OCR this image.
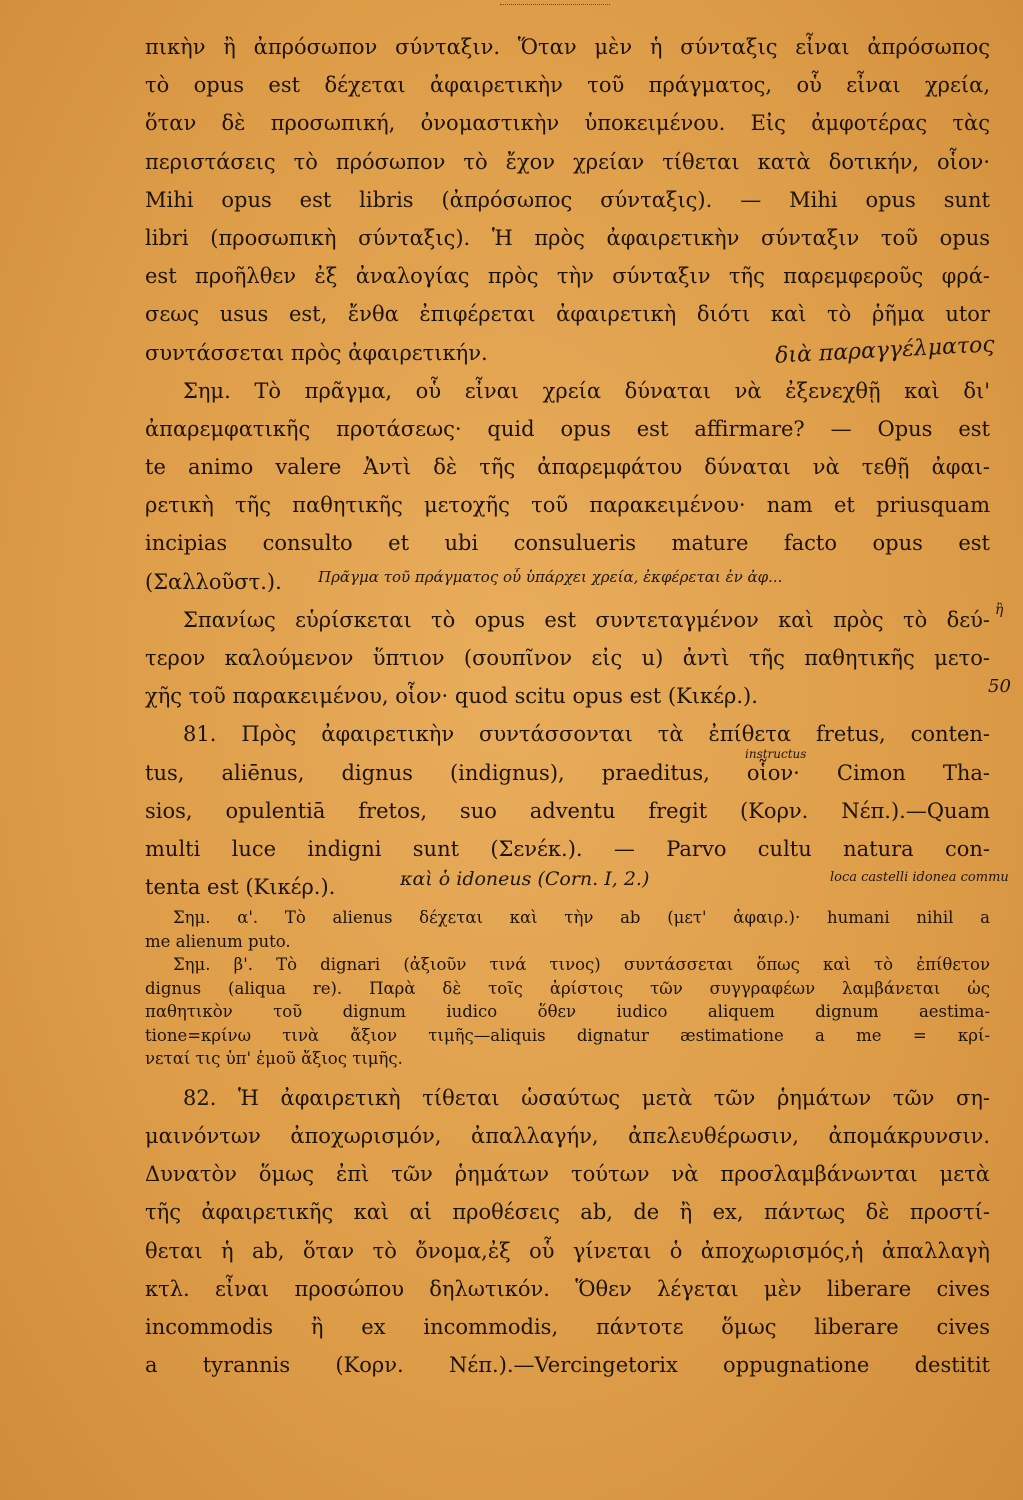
πικὴν ἢ ἀπρόσωπον σύνταξιν. Ὅταν μὲν ἡ σύνταξις εἶναι ἀπρόσωπος
τὸ opus est δέχεται ἀφαιρετικὴν τοῦ πράγματος, οὗ εἶναι χρεία,
ὅταν δὲ προσωπική, ὀνομαστικὴν ὑποκειμένου. Εἰς ἀμφοτέρας τὰς
περιστάσεις τὸ πρόσωπον τὸ ἔχον χρείαν τίθεται κατὰ δοτικήν, οἷον·
Mihi opus est libris (ἀπρόσωπος σύνταξις). — Mihi opus sunt
libri (προσωπικὴ σύνταξις). Ἡ πρὸς ἀφαιρετικὴν σύνταξιν τοῦ opus
est προῆλθεν ἐξ ἀναλογίας πρὸς τὴν σύνταξιν τῆς παρεμφεροῦς φρά-
σεως usus est, ἔνθα ἐπιφέρεται ἀφαιρετικὴ διότι καὶ τὸ ῥῆμα utor
συντάσσεται πρὸς ἀφαιρετικήν.
Σημ. Τὸ πρᾶγμα, οὗ εἶναι χρεία δύναται νὰ ἐξενεχθῇ καὶ δι'
ἀπαρεμφατικῆς προτάσεως· quid opus est affirmare? — Opus est
te animo valere Ἀντὶ δὲ τῆς ἀπαρεμφάτου δύναται νὰ τεθῇ ἀφαι-
ρετικὴ τῆς παθητικῆς μετοχῆς τοῦ παρακειμένου· nam et priusquam
incipias consulto et ubi consulueris mature facto opus est
(Σαλλοῦστ.).
Σπανίως εὑρίσκεται τὸ opus est συντεταγμένον καὶ πρὸς τὸ δεύ-
τερον καλούμενον ὕπτιον (σουπῖνον εἰς u) ἀντὶ τῆς παθητικῆς μετο-
χῆς τοῦ παρακειμένου, οἷον· quod scitu opus est (Κικέρ.).
81. Πρὸς ἀφαιρετικὴν συντάσσονται τὰ ἐπίθετα fretus, conten-
tus, aliēnus, dignus (indignus), praeditus, οἷον· Cimon Tha-
sios, opulentiā fretos, suo adventu fregit (Κορν. Νέπ.).—Quam
multi luce indigni sunt (Σενέκ.). — Parvo cultu natura con-
tenta est (Κικέρ.).
Σημ. α'. Τὸ alienus δέχεται καὶ τὴν ab (μετ' ἀφαιρ.)· humani nihil a
me alienum puto.
Σημ. β'. Τὸ dignari (ἀξιοῦν τινά τινος) συντάσσεται ὅπως καὶ τὸ ἐπίθετον
dignus (aliqua re). Παρὰ δὲ τοῖς ἀρίστοις τῶν συγγραφέων λαμβάνεται ὡς
παθητικὸν τοῦ dignum iudico ὅθεν iudico aliquem dignum aestima-
tione=κρίνω τινὰ ἄξιον τιμῆς—aliquis dignatur æstimatione a me = κρί-
νεταί τις ὑπ' ἐμοῦ ἄξιος τιμῆς.
82. Ἡ ἀφαιρετικὴ τίθεται ὡσαύτως μετὰ τῶν ῥημάτων τῶν ση-
μαινόντων ἀποχωρισμόν, ἀπαλλαγήν, ἀπελευθέρωσιν, ἀπομάκρυνσιν.
Δυνατὸν ὅμως ἐπὶ τῶν ῥημάτων τούτων νὰ προσλαμβάνωνται μετὰ
τῆς ἀφαιρετικῆς καὶ αἱ προθέσεις ab, de ἢ ex, πάντως δὲ προστί-
θεται ἡ ab, ὅταν τὸ ὄνομα,ἐξ οὗ γίνεται ὁ ἀποχωρισμός,ἡ ἀπαλλαγὴ
κτλ. εἶναι προσώπου δηλωτικόν. Ὅθεν λέγεται μὲν liberare cives
incommodis ἢ ex incommodis, πάντοτε ὅμως liberare cives
a tyrannis (Κορν. Νέπ.).—Vercingetorix oppugnatione destitit
διὰ παραγγέλματος
Πρᾶγμα τοῦ πράγματος οὗ ὑπάρχει χρεία, ἐκφέρεται ἐν ἀφ...
ἢ
50
instructus
καὶ ὁ idoneus (Corn. I, 2.)	loca castelli idonea commu
